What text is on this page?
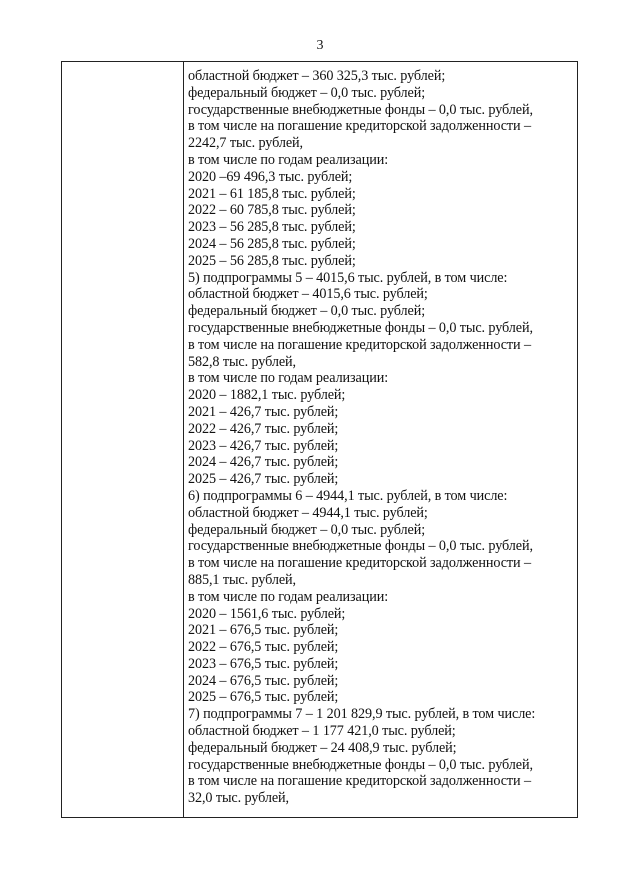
3
областной бюджет – 360 325,3 тыс. рублей;
федеральный бюджет – 0,0 тыс. рублей;
государственные внебюджетные фонды – 0,0 тыс. рублей,
в том числе на погашение кредиторской задолженности –
2242,7 тыс. рублей,
в том числе по годам реализации:
2020 –69 496,3 тыс. рублей;
2021 – 61 185,8 тыс. рублей;
2022 – 60 785,8 тыс. рублей;
2023 – 56 285,8 тыс. рублей;
2024 – 56 285,8 тыс. рублей;
2025 – 56 285,8 тыс. рублей;
5) подпрограммы 5 – 4015,6 тыс. рублей, в том числе:
областной бюджет – 4015,6 тыс. рублей;
федеральный бюджет – 0,0 тыс. рублей;
государственные внебюджетные фонды – 0,0 тыс. рублей,
в том числе на погашение кредиторской задолженности –
582,8 тыс. рублей,
в том числе по годам реализации:
2020 – 1882,1 тыс. рублей;
2021 – 426,7 тыс. рублей;
2022 – 426,7 тыс. рублей;
2023 – 426,7 тыс. рублей;
2024 – 426,7 тыс. рублей;
2025 – 426,7 тыс. рублей;
6) подпрограммы 6 – 4944,1 тыс. рублей, в том числе:
областной бюджет – 4944,1 тыс. рублей;
федеральный бюджет – 0,0 тыс. рублей;
государственные внебюджетные фонды – 0,0 тыс. рублей,
в том числе на погашение кредиторской задолженности –
885,1 тыс. рублей,
в том числе по годам реализации:
2020 – 1561,6 тыс. рублей;
2021 – 676,5 тыс. рублей;
2022 – 676,5 тыс. рублей;
2023 – 676,5 тыс. рублей;
2024 – 676,5 тыс. рублей;
2025 – 676,5 тыс. рублей;
7) подпрограммы 7 – 1 201 829,9 тыс. рублей, в том числе:
областной бюджет – 1 177 421,0 тыс. рублей;
федеральный бюджет – 24 408,9 тыс. рублей;
государственные внебюджетные фонды – 0,0 тыс. рублей,
в том числе на погашение кредиторской задолженности –
32,0 тыс. рублей,
